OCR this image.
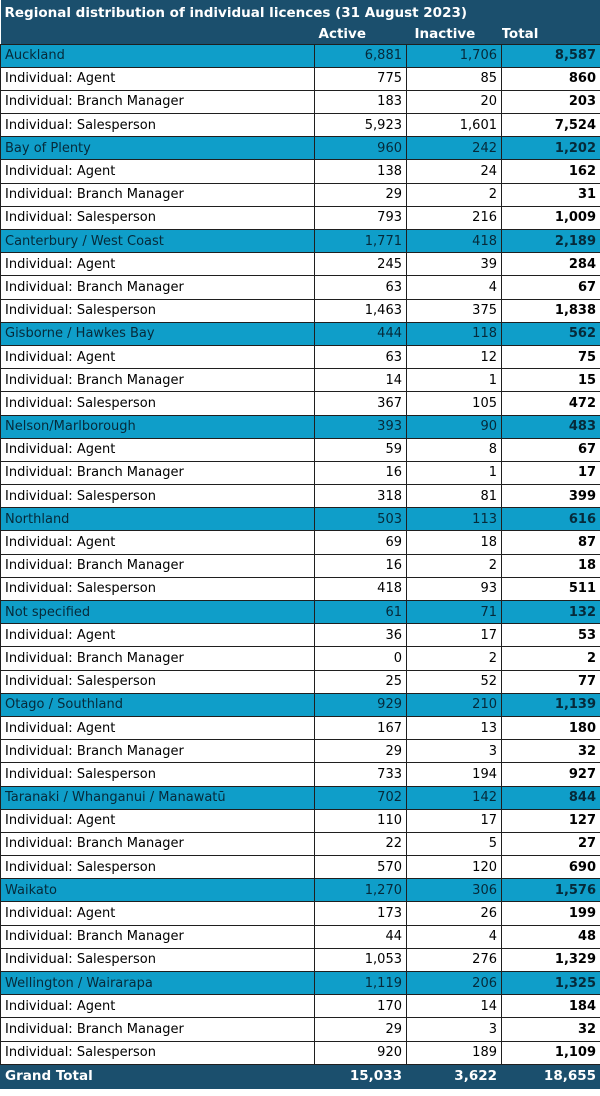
Regional distribution of individual licences (31 August 2023)			
	Active	Inactive	Total
Auckland	6,881	1,706	8,587
Individual: Agent	775	85	860
Individual: Branch Manager	183	20	203
Individual: Salesperson	5,923	1,601	7,524
Bay of Plenty	960	242	1,202
Individual: Agent	138	24	162
Individual: Branch Manager	29	2	31
Individual: Salesperson	793	216	1,009
Canterbury / West Coast	1,771	418	2,189
Individual: Agent	245	39	284
Individual: Branch Manager	63	4	67
Individual: Salesperson	1,463	375	1,838
Gisborne / Hawkes Bay	444	118	562
Individual: Agent	63	12	75
Individual: Branch Manager	14	1	15
Individual: Salesperson	367	105	472
Nelson/Marlborough	393	90	483
Individual: Agent	59	8	67
Individual: Branch Manager	16	1	17
Individual: Salesperson	318	81	399
Northland	503	113	616
Individual: Agent	69	18	87
Individual: Branch Manager	16	2	18
Individual: Salesperson	418	93	511
Not specified	61	71	132
Individual: Agent	36	17	53
Individual: Branch Manager	0	2	2
Individual: Salesperson	25	52	77
Otago / Southland	929	210	1,139
Individual: Agent	167	13	180
Individual: Branch Manager	29	3	32
Individual: Salesperson	733	194	927
Taranaki / Whanganui / Manawatū	702	142	844
Individual: Agent	110	17	127
Individual: Branch Manager	22	5	27
Individual: Salesperson	570	120	690
Waikato	1,270	306	1,576
Individual: Agent	173	26	199
Individual: Branch Manager	44	4	48
Individual: Salesperson	1,053	276	1,329
Wellington / Wairarapa	1,119	206	1,325
Individual: Agent	170	14	184
Individual: Branch Manager	29	3	32
Individual: Salesperson	920	189	1,109
Grand Total	15,033	3,622	18,655
